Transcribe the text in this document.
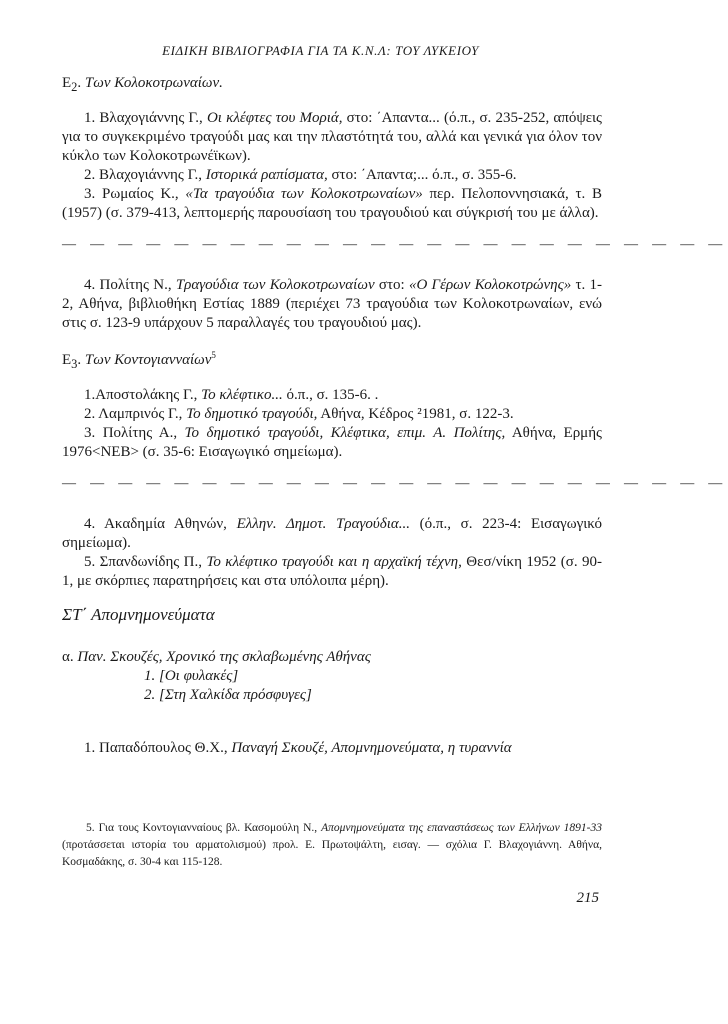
ΕΙΔΙΚΗ ΒΙΒΛΙΟΓΡΑΦΙΑ ΓΙΑ ΤΑ Κ.Ν.Λ: ΤΟΥ ΛΥΚΕΙΟΥ

$E_2$. Των Κολοκοτρωναίων.

1. Βλαχογιάννης Γ., Οι κλέφτες του Μοριά, στο: ΄Απαντα... (ό.π., σ. 235-252, απόψεις για το συγκεκριμένο τραγούδι μας και την πλαστότητά του, αλλά και γενικά για όλον τον κύκλο των Κολοκοτρωνέϊκων).

2. Βλαχογιάννης Γ., Ιστορικά ραπίσματα, στο: ΄Απαντα;... ό.π., σ. 355-6.

3. Ρωμαίος Κ., «Τα τραγούδια των Κολοκοτρωναίων» περ. Πελοποννησιακά, τ. Β (1957) (σ. 379-413, λεπτομερής παρουσίαση του τραγουδιού και σύγκρισή του με άλλα).

— — — — — — — — — — — — — — — — — — — — — — — —

4. Πολίτης Ν., Τραγούδια των Κολοκοτρωναίων στο: «Ο Γέρων Κολοκοτρώνης» τ. 1-2, Αθήνα, βιβλιοθήκη Εστίας 1889 (περιέχει 73 τραγούδια των Κολοκοτρωναίων, ενώ στις σ. 123-9 υπάρχουν 5 παραλλαγές του τραγουδιού μας).

$E_3$. Των Κοντογιανναίων$^5$

1.Αποστολάκης Γ., Το κλέφτικο... ό.π., σ. 135-6. .

2. Λαμπρινός Γ., Το δημοτικό τραγούδι, Αθήνα, Κέδρος ²1981, σ. 122-3.

3. Πολίτης Α., Το δημοτικό τραγούδι, Κλέφτικα, επιμ. Α. Πολίτης, Αθήνα, Ερμής 1976<ΝΕΒ> (σ. 35-6: Εισαγωγικό σημείωμα).

— — — — — — — — — — — — — — — — — — — — — — — —

4. Ακαδημία Αθηνών, Ελλην. Δημοτ. Τραγούδια... (ό.π., σ. 223-4: Εισαγωγικό σημείωμα).

5. Σπανδωνίδης Π., Το κλέφτικο τραγούδι και η αρχαϊκή τέχνη, Θεσ/νίκη 1952 (σ. 90-1, με σκόρπιες παρατηρήσεις και στα υπόλοιπα μέρη).

ΣΤ΄ Απομνημονεύματα

α. Παν. Σκουζές, Χρονικό της σκλαβωμένης Αθήνας

1. [Οι φυλακές]
2. [Στη Χαλκίδα πρόσφυγες]

1. Παπαδόπουλος Θ.Χ., Παναγή Σκουζέ, Απομνημονεύματα, η τυραννία

5. Για τους Κοντογιανναίους βλ. Κασομούλη Ν., Απομνημονεύματα της επαναστάσεως των Ελλήνων 1891-33 (προτάσσεται ιστορία του αρματολισμού) προλ. Ε. Πρωτοψάλτη, εισαγ. — σχόλια Γ. Βλαχογιάννη. Αθήνα, Κοσμαδάκης, σ. 30-4 και 115-128.
215
